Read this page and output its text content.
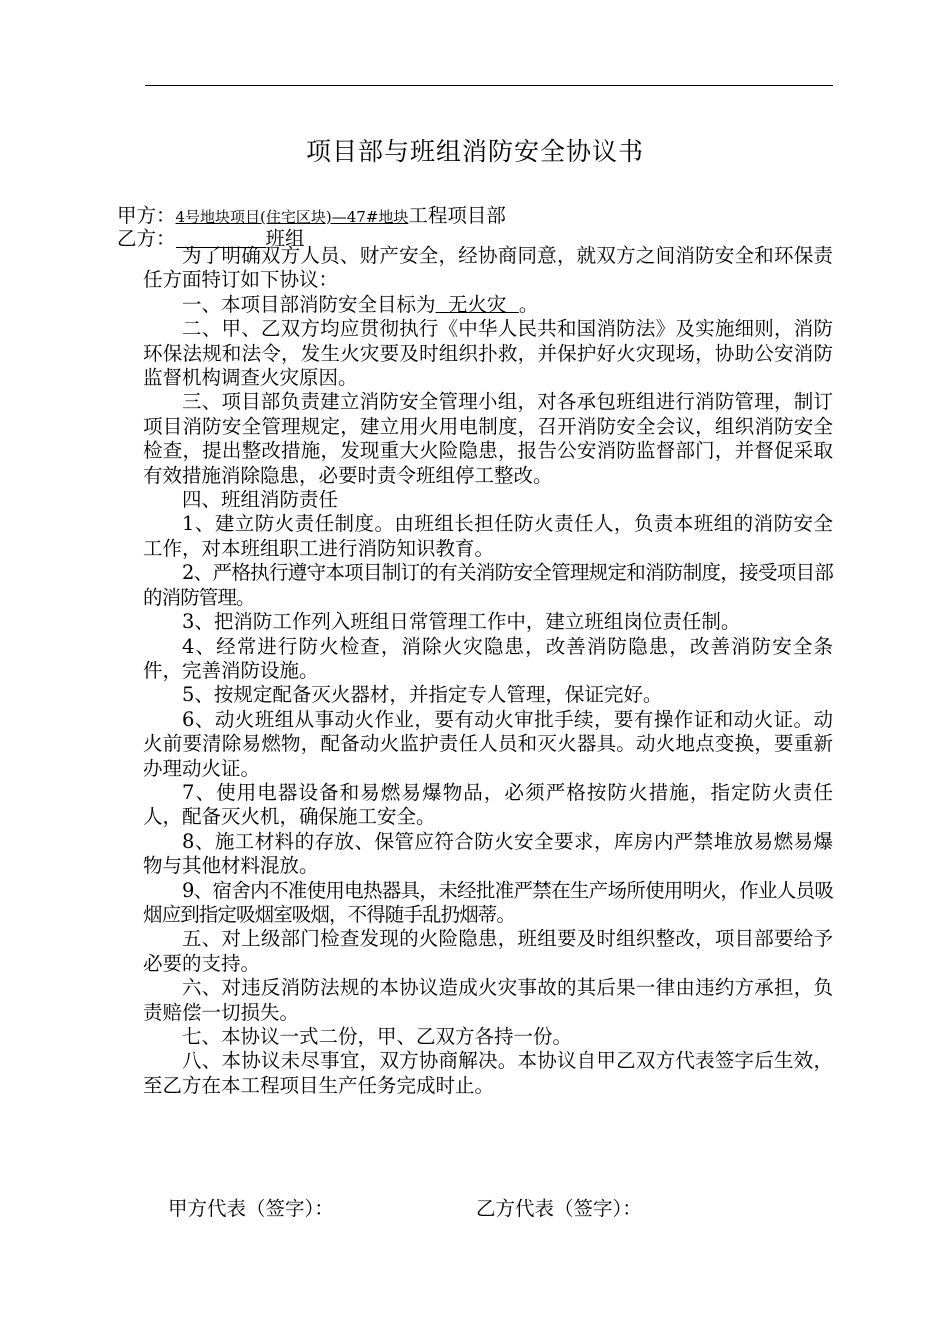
项目部与班组消防安全协议书
甲方：4号地块项目(住宅区块)—47#地块工程项目部
乙方：	班组

为了明确双方人员、财产安全，经协商同意，就双方之间消防安全和环保责任方面特订如下协议：

一、本项目部消防安全目标为  无火灾  。

二、甲、乙双方均应贯彻执行《中华人民共和国消防法》及实施细则，消防环保法规和法令，发生火灾要及时组织扑救，并保护好火灾现场，协助公安消防监督机构调查火灾原因。

三、项目部负责建立消防安全管理小组，对各承包班组进行消防管理，制订项目消防安全管理规定，建立用火用电制度，召开消防安全会议，组织消防安全检查，提出整改措施，发现重大火险隐患，报告公安消防监督部门，并督促采取有效措施消除隐患，必要时责令班组停工整改。

四、班组消防责任

1、建立防火责任制度。由班组长担任防火责任人，负责本班组的消防安全工作，对本班组职工进行消防知识教育。

2、严格执行遵守本项目制订的有关消防安全管理规定和消防制度，接受项目部的消防管理。

3、把消防工作列入班组日常管理工作中，建立班组岗位责任制。

4、经常进行防火检查，消除火灾隐患，改善消防隐患，改善消防安全条件，完善消防设施。

5、按规定配备灭火器材，并指定专人管理，保证完好。

6、动火班组从事动火作业，要有动火审批手续，要有操作证和动火证。动火前要清除易燃物，配备动火监护责任人员和灭火器具。动火地点变换，要重新办理动火证。

7、使用电器设备和易燃易爆物品，必须严格按防火措施，指定防火责任人，配备灭火机，确保施工安全。

8、施工材料的存放、保管应符合防火安全要求，库房内严禁堆放易燃易爆物与其他材料混放。

9、宿舍内不准使用电热器具，未经批准严禁在生产场所使用明火，作业人员吸烟应到指定吸烟室吸烟，不得随手乱扔烟蒂。

五、对上级部门检查发现的火险隐患，班组要及时组织整改，项目部要给予必要的支持。

六、对违反消防法规的本协议造成火灾事故的其后果一律由违约方承担，负责赔偿一切损失。

七、本协议一式二份，甲、乙双方各持一份。

八、本协议未尽事宜，双方协商解决。本协议自甲乙双方代表签字后生效，至乙方在本工程项目生产任务完成时止。

甲方代表（签字）：	乙方代表（签字）：
